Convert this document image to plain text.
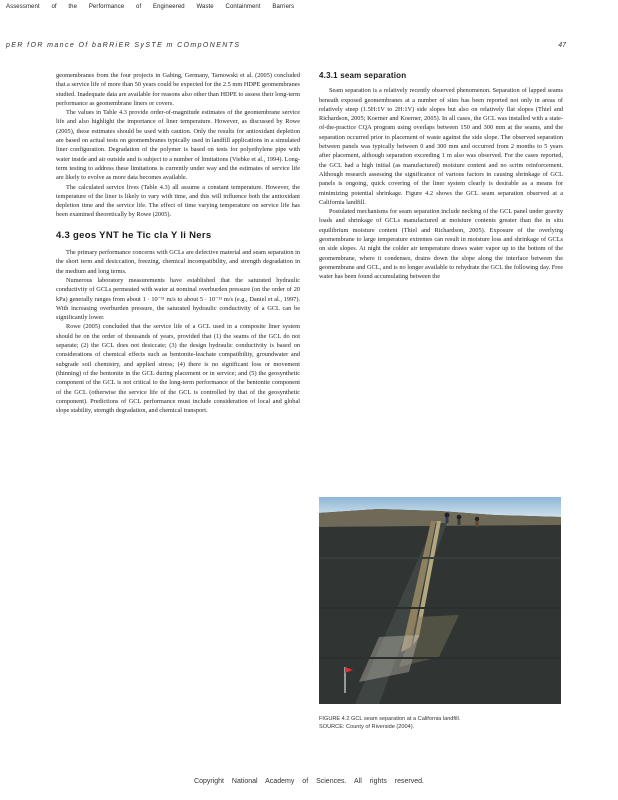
Assessment of the Performance of Engineered Waste Containment Barriers
pER fOR mance Of baRRiER SySTE m COmpONENTS	47

geomembranes from the four projects in Gabing, Germany, Tarnowski et al. (2005) concluded that a service life of more than 50 years could be expected for the 2.5 mm HDPE geomembranes studied. Inadequate data are available for reasons also other than HDPE to assess their long-term performance as geomembrane liners or covers.

The values in Table 4.3 provide order-of-magnitude estimates of the geomembrane service life and also highlight the importance of liner temperature. However, as discussed by Rowe (2005), these estimates should be used with caution. Only the results for antioxidant depletion are based on actual tests on geomembranes typically used in landfill applications in a simulated liner configuration. Degradation of the polymer is based on tests for polyethylene pipe with water inside and air outside and is subject to a number of limitations (Viebke et al., 1994). Long-term testing to address these limitations is currently under way and the estimates of service life are likely to evolve as more data becomes available.

The calculated service lives (Table 4.3) all assume a constant temperature. However, the temperature of the liner is likely to vary with time, and this will influence both the antioxidant depletion time and the service life. The effect of time varying temperature on service life has been examined theoretically by Rowe (2005).

4.3 geos YNT he Tic cla Y li Ners

The primary performance concerns with GCLs are defective material and seam separation in the short term and desiccation, freezing, chemical incompatibility, and strength degradation in the medium and long terms.

Numerous laboratory measurements have established that the saturated hydraulic conductivity of GCLs permeated with water at nominal overburden pressure (on the order of 20 kPa) generally ranges from about 1 · 10⁻¹¹ m/s to about 5 · 10⁻¹¹ m/s (e.g., Daniel et al., 1997). With increasing overburden pressure, the saturated hydraulic conductivity of a GCL can be significantly lower.

Rowe (2005) concluded that the service life of a GCL used in a composite liner system should be on the order of thousands of years, provided that (1) the seams of the GCL do not separate; (2) the GCL does not desiccate; (3) the design hydraulic conductivity is based on considerations of chemical effects such as bentonite-leachate compatibility, groundwater and subgrade soil chemistry, and applied stress; (4) there is no significant loss or movement (thinning) of the bentonite in the GCL during placement or in service; and (5) the geosynthetic component of the GCL is not critical to the long-term performance of the bentonite component of the GCL (otherwise the service life of the GCL is controlled by that of the geosynthetic component). Predictions of GCL performance must include consideration of local and global slope stability, strength degradation, and chemical transport.

4.3.1 seam separation

Seam separation is a relatively recently observed phenomenon. Separation of lapped seams beneath exposed geomembranes at a number of sites has been reported not only in areas of relatively steep (1.5H:1V to 2H:1V) side slopes but also on relatively flat slopes (Thiel and Richardson, 2005; Koerner and Koerner, 2005). In all cases, the GCL was installed with a state-of-the-practice CQA program using overlaps between 150 and 300 mm at the seams, and the separation occurred prior to placement of waste against the side slope. The observed separation between panels was typically between 0 and 300 mm and occurred from 2 months to 5 years after placement, although separation exceeding 1 m also was observed. For the cases reported, the GCL had a high initial (as manufactured) moisture content and no scrim reinforcement. Although research assessing the significance of various factors in causing shrinkage of GCL panels is ongoing, quick covering of the liner system clearly is desirable as a means for minimizing potential shrinkage. Figure 4.2 shows the GCL seam separation observed at a California landfill.

Postulated mechanisms for seam separation include necking of the GCL panel under gravity loads and shrinkage of GCLs manufactured at moisture contents greater than the in situ equilibrium moisture content (Thiel and Richardson, 2005). Exposure of the overlying geomembrane to large temperature extremes can result in moisture loss and shrinkage of GCLs on side slopes. At night the colder air temperature draws water vapor up to the bottom of the geomembrane, where it condenses, drains down the slope along the interface between the geomembrane and GCL, and is no longer available to rehydrate the GCL the following day. Free water has been found accumulating between the

FIGURE 4.2 GCL seam separation at a California landfill.
SOURCE: County of Riverside (2004).
Copyright National Academy of Sciences. All rights reserved.
